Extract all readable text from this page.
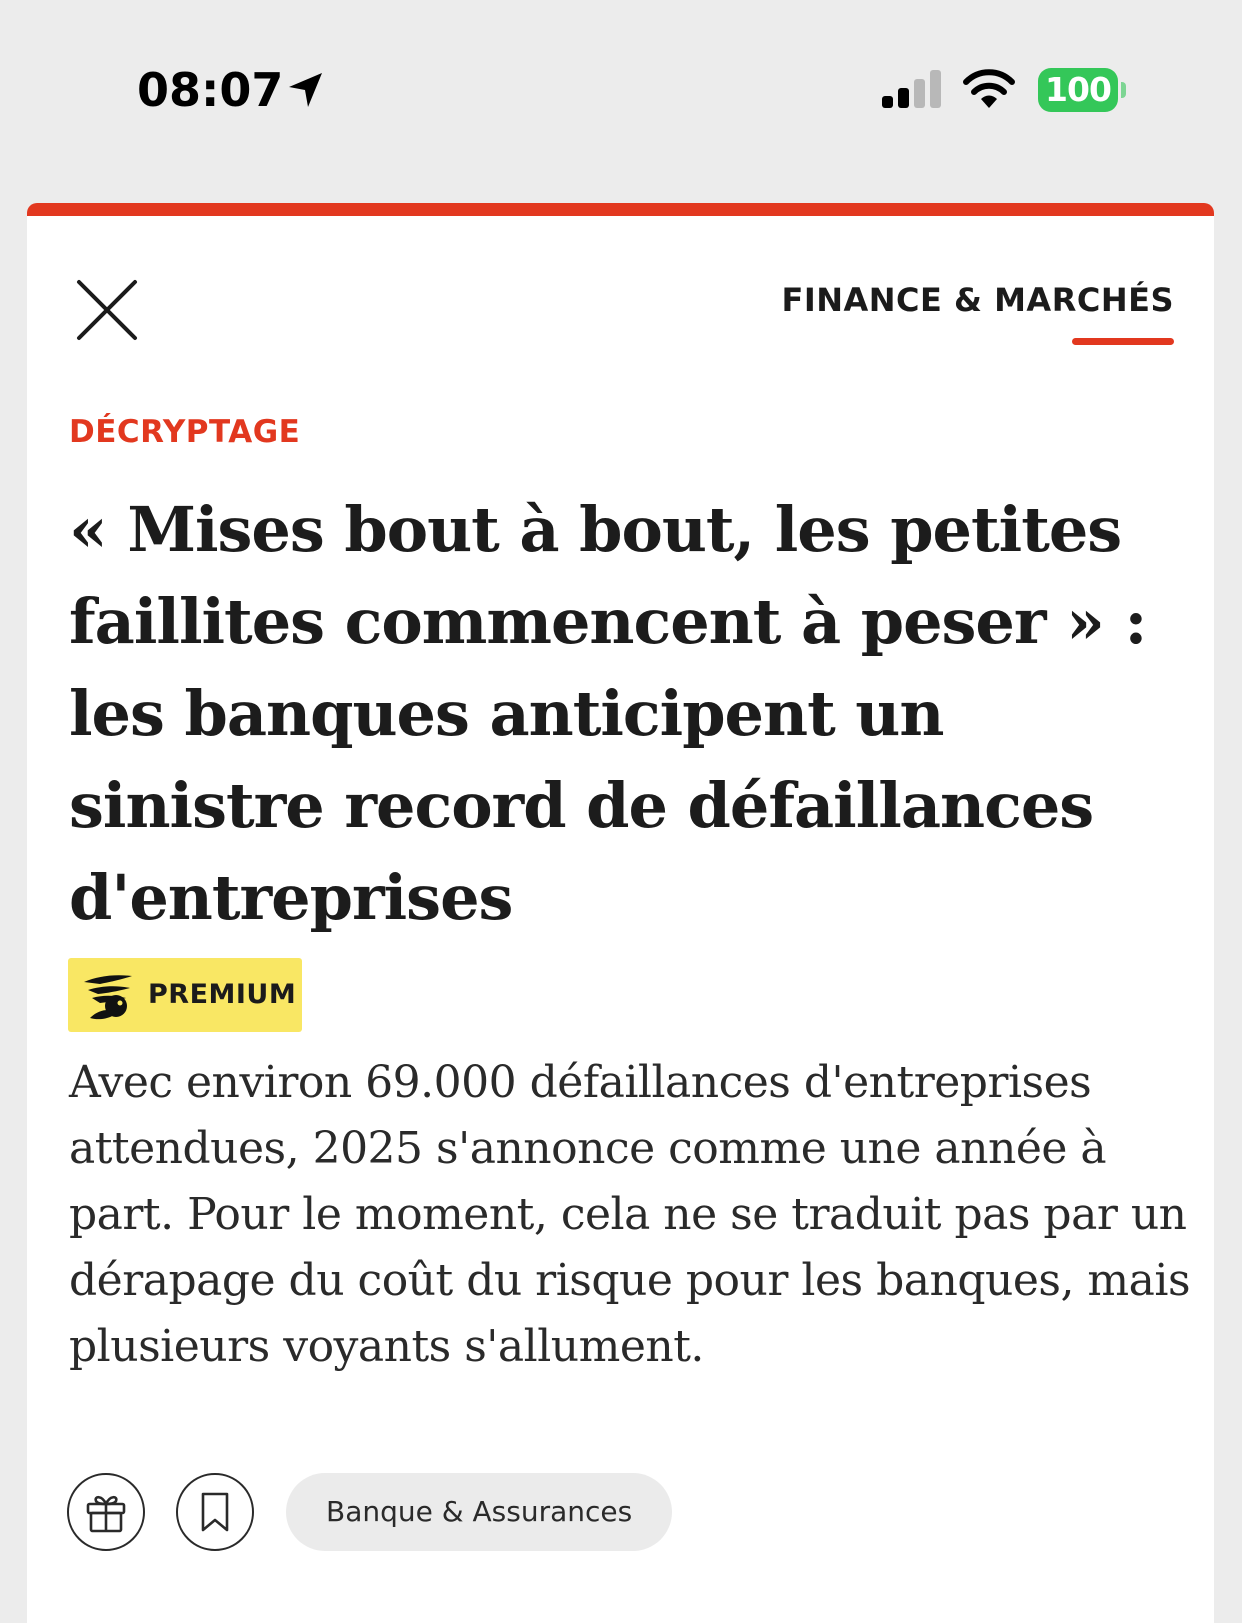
08:07	100
FINANCE & MARCHÉS
DÉCRYPTAGE
« Mises bout à bout, les petites faillites commencent à peser » : les banques anticipent un sinistre record de défaillances d'entreprises
PREMIUM

Avec environ 69.000 défaillances d'entreprises attendues, 2025 s'annonce comme une année à part. Pour le moment, cela ne se traduit pas par un dérapage du coût du risque pour les banques, mais plusieurs voyants s'allument.

Banque & Assurances
